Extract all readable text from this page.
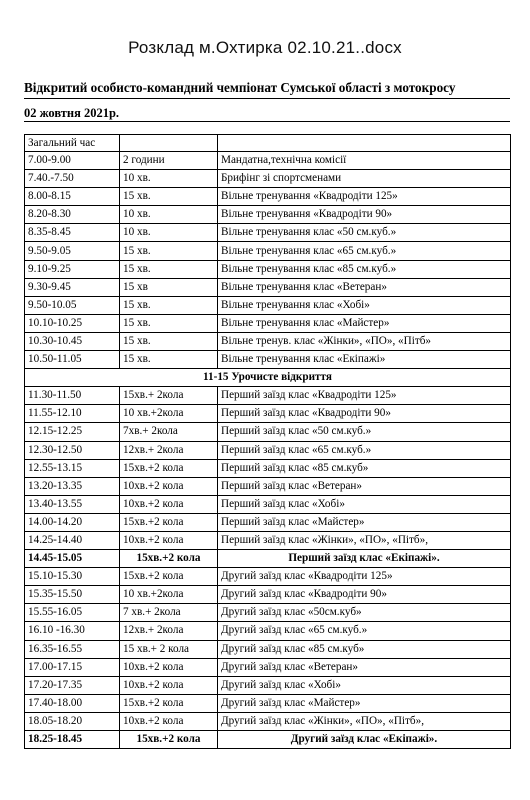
Розклад м.Охтирка 02.10.21..docx
Відкритий особисто-командний чемпіонат Сумської області з мотокросу
02 жовтня 2021р.
Загальний час		
7.00-9.00	2 години	Мандатна,технічна комісії
7.40.-7.50	10 хв.	Брифінг зі спортсменами
8.00-8.15	15 хв.	Вільне тренування «Квадродіти 125»
8.20-8.30	10 хв.	Вільне тренування «Квадродіти 90»
8.35-8.45	10 хв.	Вільне тренування клас «50 см.куб.»
9.50-9.05	15 хв.	Вільне тренування клас «65 см.куб.»
9.10-9.25	15 хв.	Вільне тренування клас «85 см.куб.»
9.30-9.45	15 хв	Вільне тренування клас «Ветеран»
9.50-10.05	15 хв.	Вільне тренування клас «Хобі»
10.10-10.25	15 хв.	Вільне тренування клас «Майстер»
10.30-10.45	15 хв.	Вільне тренув. клас «Жінки», «ПО», «Пітб»
10.50-11.05	15 хв.	Вільне тренування клас «Екіпажі»
11-15 Урочисте відкриття		
11.30-11.50	15хв.+ 2кола	Перший заїзд клас «Квадродіти 125»
11.55-12.10	10 хв.+2кола	Перший заїзд клас «Квадродіти 90»
12.15-12.25	7хв.+ 2кола	Перший заїзд клас «50 см.куб.»
12.30-12.50	12хв.+ 2кола	Перший заїзд клас «65 см.куб.»
12.55-13.15	15хв.+2 кола	Перший заїзд клас «85 см.куб»
13.20-13.35	10хв.+2 кола	Перший заїзд клас «Ветеран»
13.40-13.55	10хв.+2 кола	Перший заїзд клас «Хобі»
14.00-14.20	15хв.+2 кола	Перший заїзд клас «Майстер»
14.25-14.40	10хв.+2 кола	Перший заїзд клас «Жінки», «ПО», «Пітб»,
14.45-15.05	15хв.+2 кола	Перший заїзд клас «Екіпажі».
15.10-15.30	15хв.+2 кола	Другий заїзд клас «Квадродіти 125»
15.35-15.50	10 хв.+2кола	Другий заїзд клас «Квадродіти 90»
15.55-16.05	7 хв.+ 2кола	Другий заїзд клас «50см.куб»
16.10 -16.30	12хв.+ 2кола	Другий заїзд клас «65 см.куб.»
16.35-16.55	15 хв.+ 2 кола	Другий заїзд клас «85 см.куб»
17.00-17.15	10хв.+2 кола	Другий заїзд клас «Ветеран»
17.20-17.35	10хв.+2 кола	Другий заїзд клас «Хобі»
17.40-18.00	15хв.+2 кола	Другий заїзд клас «Майстер»
18.05-18.20	10хв.+2 кола	Другий заїзд клас «Жінки», «ПО», «Пітб»,
18.25-18.45	15хв.+2 кола	Другий заїзд клас «Екіпажі».
